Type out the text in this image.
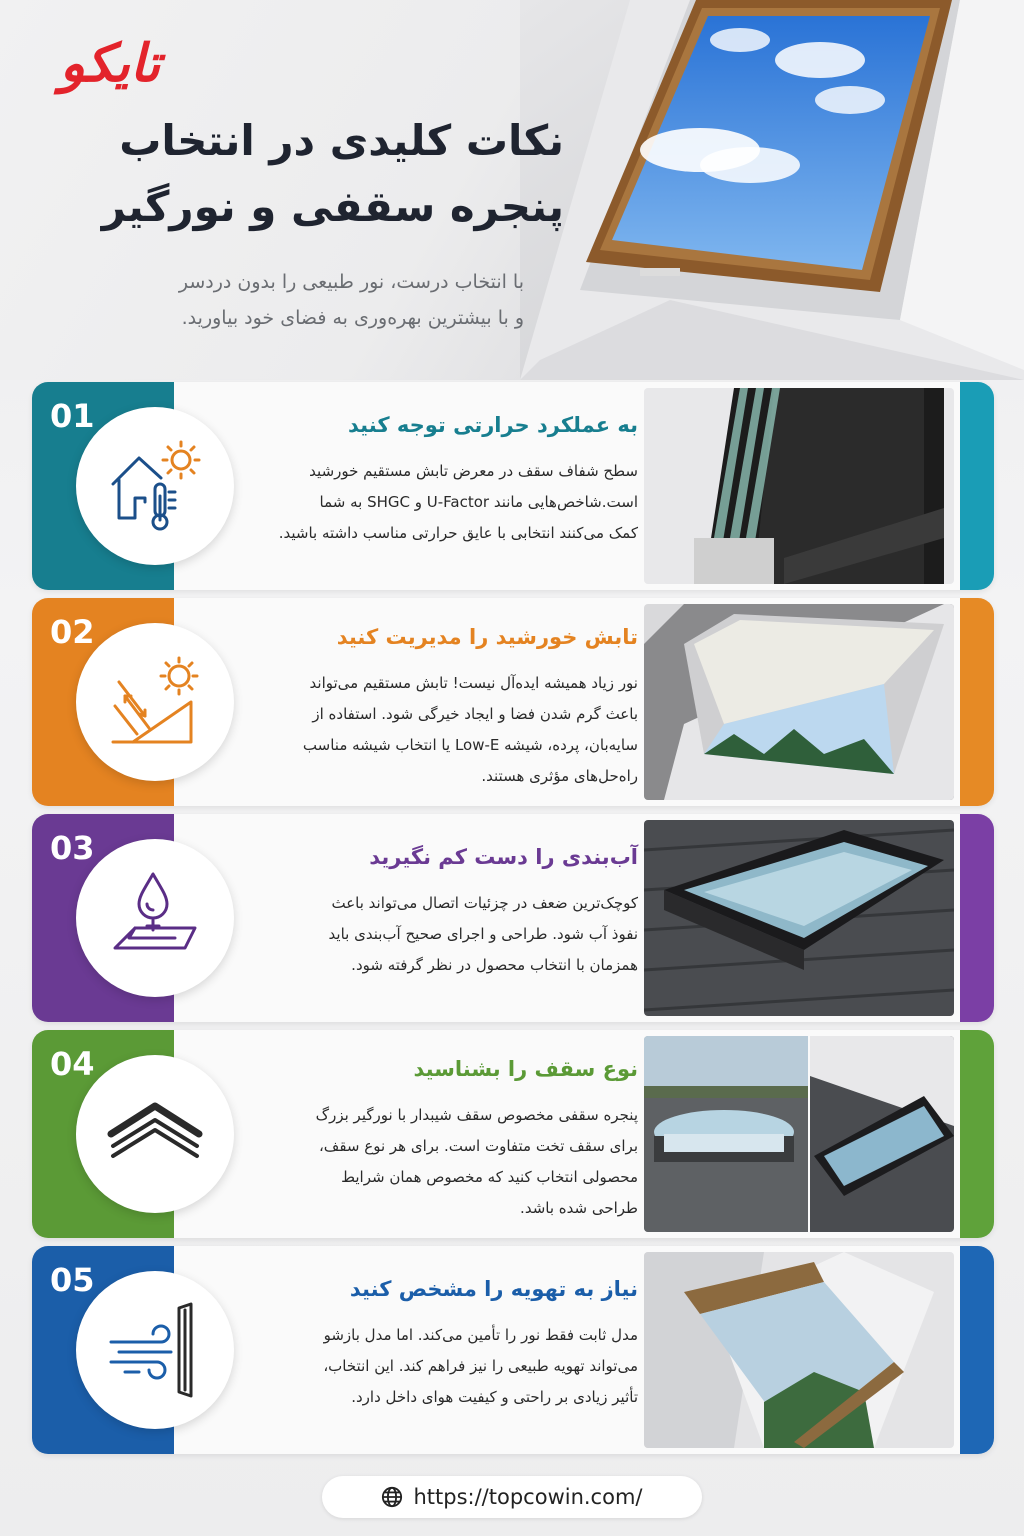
تایکو
نکات کلیدی در انتخاب
پنجره سقفی و نورگیر
با انتخاب درست، نور طبیعی را بدون دردسر
و با بیشترین بهره‌وری به فضای خود بیاورید.
01	به عملکرد حرارتی توجه کنید
سطح شفاف سقف در معرض تابش مستقیم خورشید
است.شاخص‌هایی مانند U-Factor و SHGC به شما
کمک می‌کنند انتخابی با عایق حرارتی مناسب داشته باشید.
02	تابش خورشید را مدیریت کنید
نور زیاد همیشه ایده‌آل نیست! تابش مستقیم می‌تواند
باعث گرم شدن فضا و ایجاد خیرگی شود. استفاده از
سایه‌بان، پرده، شیشه Low-E یا انتخاب شیشه مناسب
راه‌حل‌های مؤثری هستند.
03	آب‌بندی را دست کم نگیرید
کوچک‌ترین ضعف در چزئیات اتصال می‌تواند باعث
نفوذ آب شود. طراحی و اجرای صحیح آب‌بندی باید
همزمان با انتخاب محصول در نظر گرفته شود.
04	نوع سقف را بشناسید
پنجره سقفی مخصوص سقف شیبدار با نورگیر بزرگ
برای سقف تخت متفاوت است. برای هر نوع سقف،
محصولی انتخاب کنید که مخصوص همان شرایط
طراحی شده باشد.
05	نیاز به تهویه را مشخص کنید
مدل ثابت فقط نور را تأمین می‌کند. اما مدل بازشو
می‌تواند تهویه طبیعی را نیز فراهم کند. این انتخاب،
تأثیر زیادی بر راحتی و کیفیت هوای داخل دارد.
https://topcowin.com/
